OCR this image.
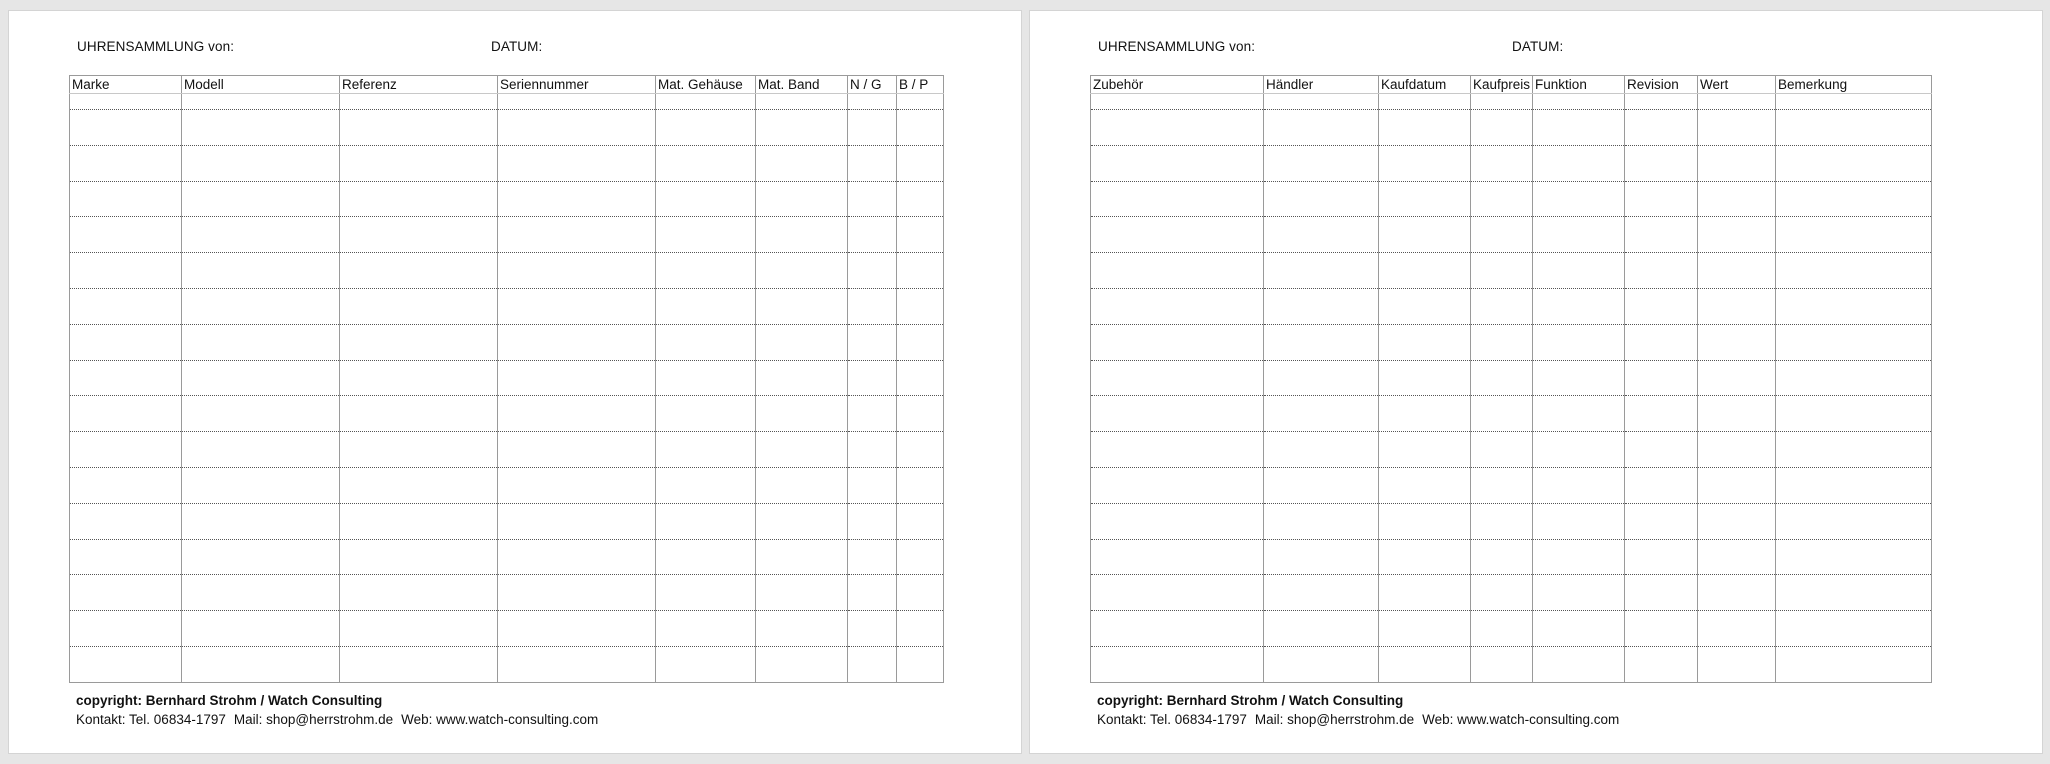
UHRENSAMMLUNG von:	DATUM:
Marke	Modell	Referenz	Seriennummer	Mat. Gehäuse	Mat. Band	N / G	B / P

copyright: Bernhard Strohm / Watch Consulting
Kontakt: Tel. 06834-1797 Mail: shop@herrstrohm.de Web: www.watch-consulting.com
UHRENSAMMLUNG von:	DATUM:
Zubehör	Händler	Kaufdatum	Kaufpreis	Funktion	Revision	Wert	Bemerkung

copyright: Bernhard Strohm / Watch Consulting
Kontakt: Tel. 06834-1797 Mail: shop@herrstrohm.de Web: www.watch-consulting.com
